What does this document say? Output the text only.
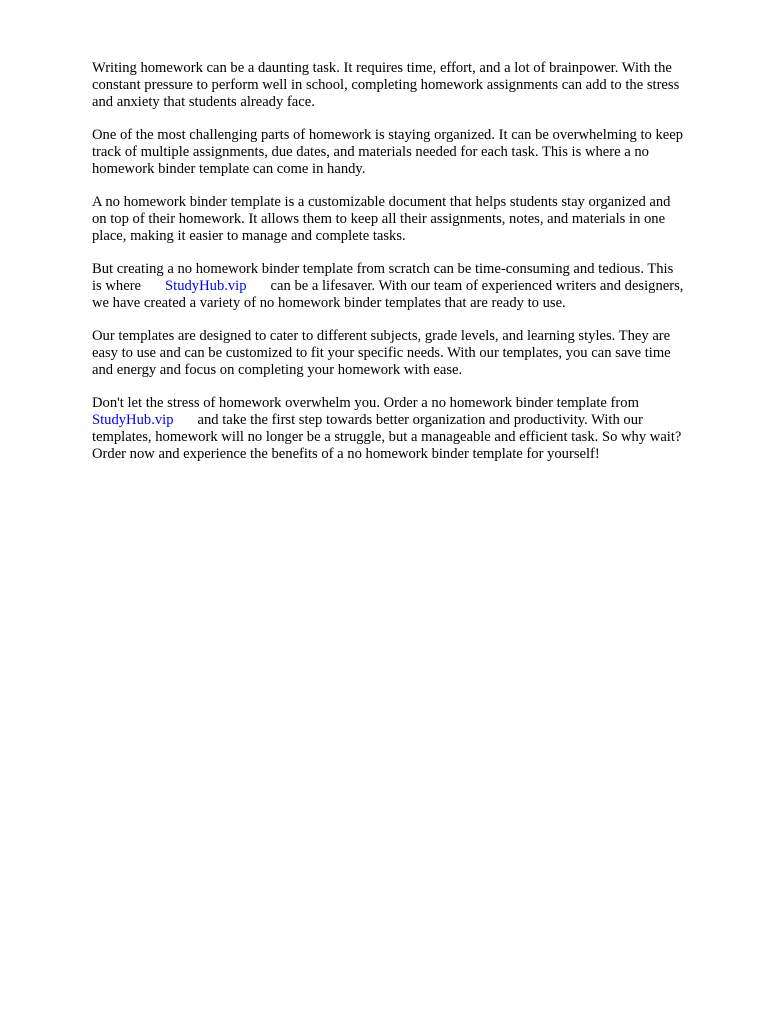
Writing homework can be a daunting task. It requires time, effort, and a lot of brainpower. With the
constant pressure to perform well in school, completing homework assignments can add to the stress
and anxiety that students already face.

One of the most challenging parts of homework is staying organized. It can be overwhelming to keep
track of multiple assignments, due dates, and materials needed for each task. This is where a no
homework binder template can come in handy.

A no homework binder template is a customizable document that helps students stay organized and
on top of their homework. It allows them to keep all their assignments, notes, and materials in one
place, making it easier to manage and complete tasks.

But creating a no homework binder template from scratch can be time-consuming and tedious. This
is where StudyHub.vip can be a lifesaver. With our team of experienced writers and designers,
we have created a variety of no homework binder templates that are ready to use.

Our templates are designed to cater to different subjects, grade levels, and learning styles. They are
easy to use and can be customized to fit your specific needs. With our templates, you can save time
and energy and focus on completing your homework with ease.

Don't let the stress of homework overwhelm you. Order a no homework binder template from
StudyHub.vip and take the first step towards better organization and productivity. With our
templates, homework will no longer be a struggle, but a manageable and efficient task. So why wait?
Order now and experience the benefits of a no homework binder template for yourself!
